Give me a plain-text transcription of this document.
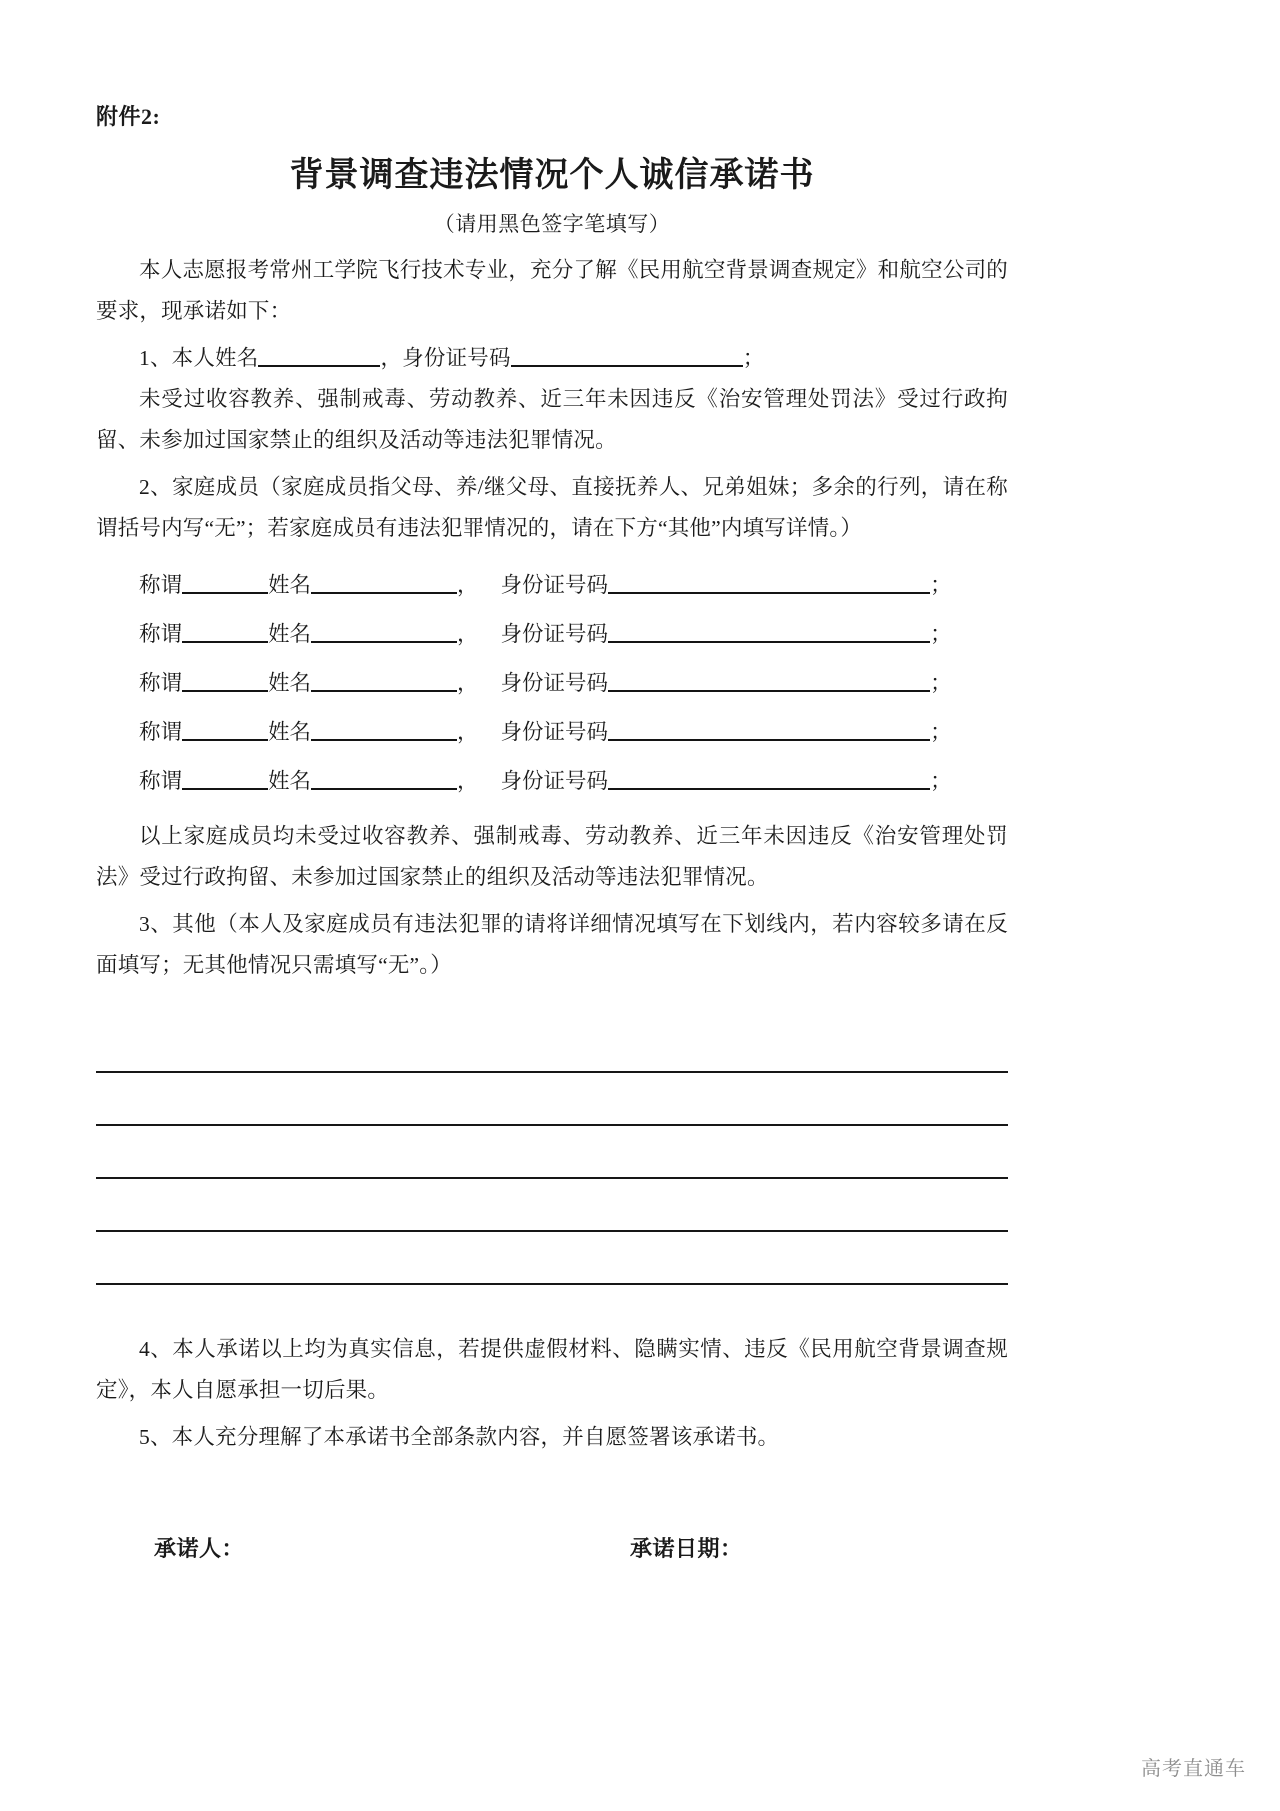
附件2:
背景调查违法情况个人诚信承诺书
（请用黑色签字笔填写）

本人志愿报考常州工学院飞行技术专业，充分了解《民用航空背景调查规定》和航空公司的要求，现承诺如下：

1、本人姓名	，身份证号码	；

未受过收容教养、强制戒毒、劳动教养、近三年未因违反《治安管理处罚法》受过行政拘留、未参加过国家禁止的组织及活动等违法犯罪情况。

2、家庭成员（家庭成员指父母、养/继父母、直接抚养人、兄弟姐妹；多余的行列，请在称谓括号内写“无”；若家庭成员有违法犯罪情况的，请在下方“其他”内填写详情。）

称谓	姓名	， 身份证号码	；
称谓	姓名	， 身份证号码	；
称谓	姓名	， 身份证号码	；
称谓	姓名	， 身份证号码	；
称谓	姓名	， 身份证号码	；

以上家庭成员均未受过收容教养、强制戒毒、劳动教养、近三年未因违反《治安管理处罚法》受过行政拘留、未参加过国家禁止的组织及活动等违法犯罪情况。

3、其他（本人及家庭成员有违法犯罪的请将详细情况填写在下划线内，若内容较多请在反面填写；无其他情况只需填写“无”。）

4、本人承诺以上均为真实信息，若提供虚假材料、隐瞒实情、违反《民用航空背景调查规定》，本人自愿承担一切后果。

5、本人充分理解了本承诺书全部条款内容，并自愿签署该承诺书。

承诺人：	承诺日期：
高考直通车
